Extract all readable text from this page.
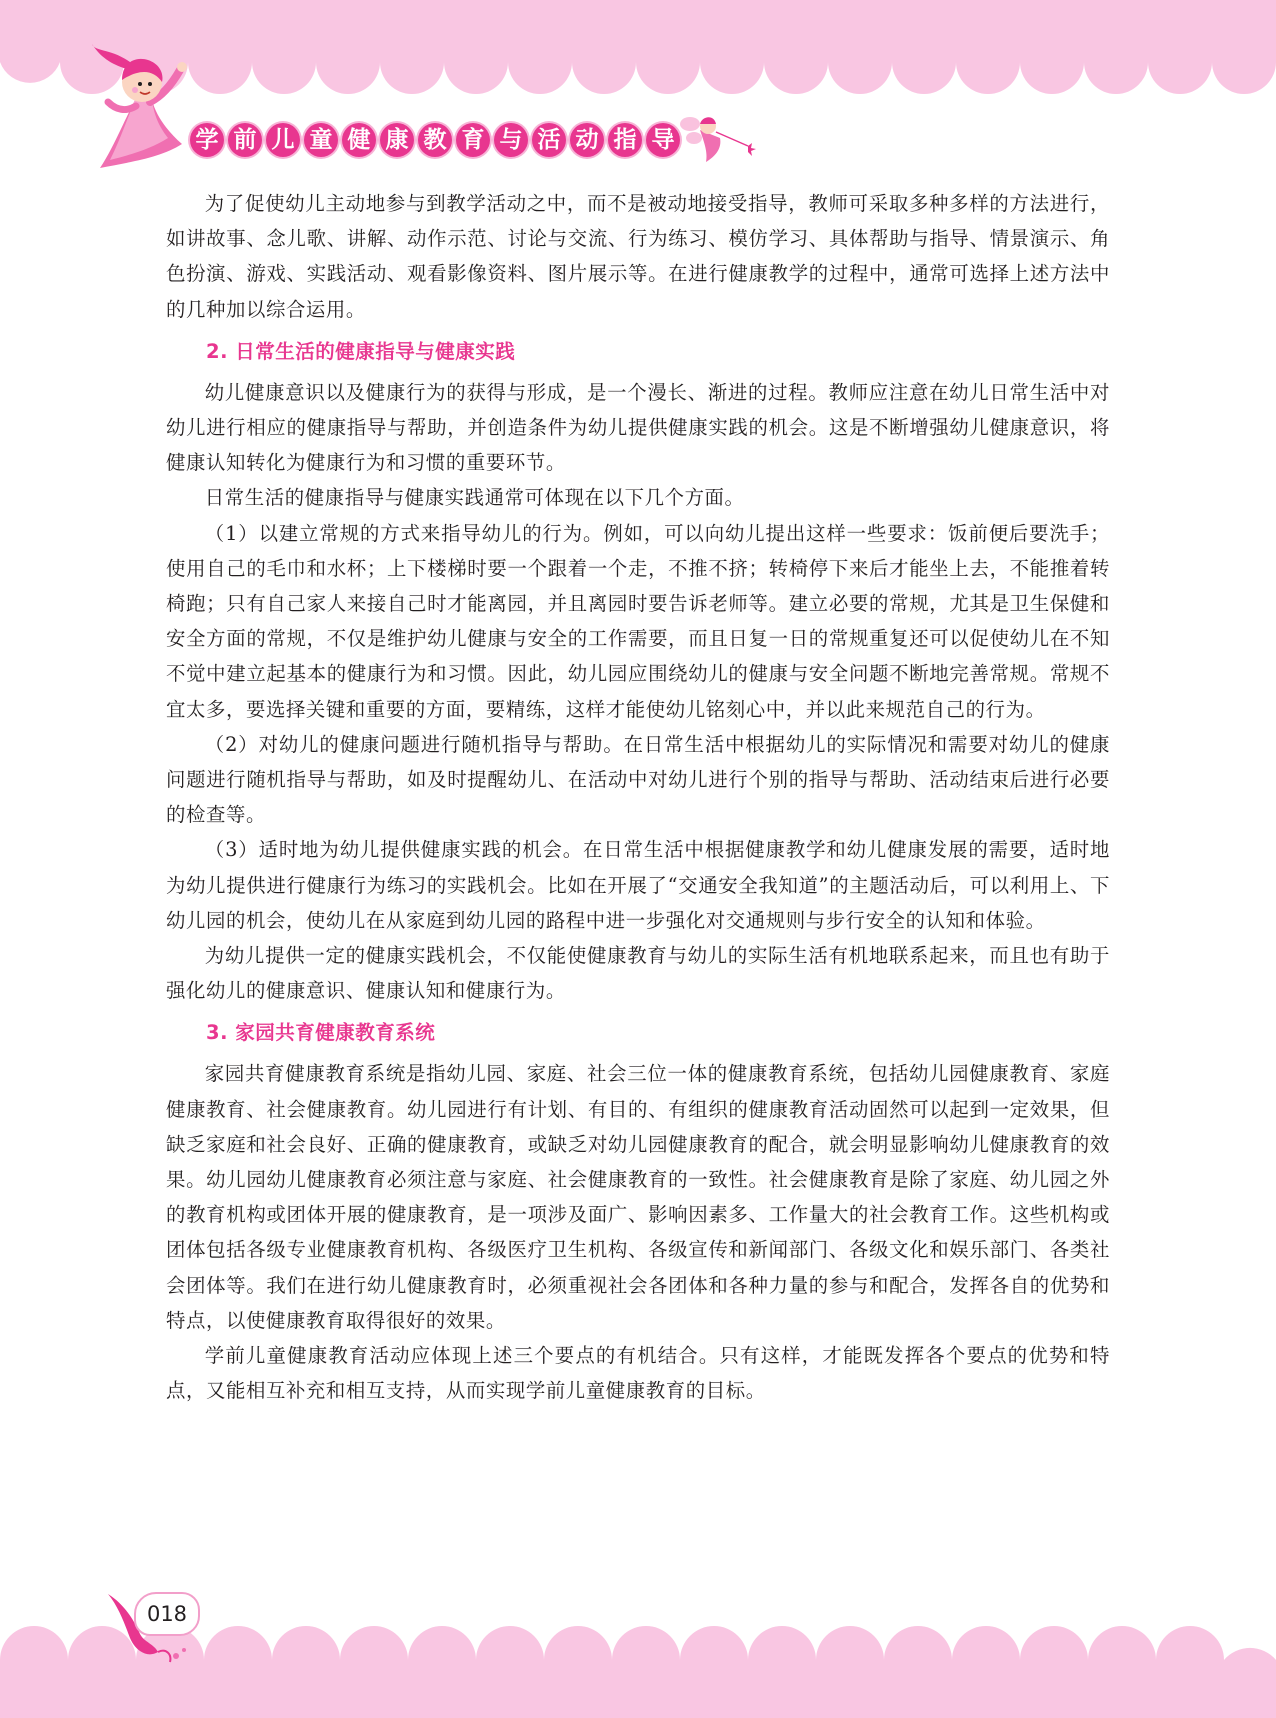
学 前 儿 童 健 康 教 育 与 活 动 指 导

为了促使幼儿主动地参与到教学活动之中，而不是被动地接受指导，教师可采取多种多样的方法进行，如讲故事、念儿歌、讲解、动作示范、讨论与交流、行为练习、模仿学习、具体帮助与指导、情景演示、角色扮演、游戏、实践活动、观看影像资料、图片展示等。在进行健康教学的过程中，通常可选择上述方法中的几种加以综合运用。

2. 日常生活的健康指导与健康实践

幼儿健康意识以及健康行为的获得与形成，是一个漫长、渐进的过程。教师应注意在幼儿日常生活中对幼儿进行相应的健康指导与帮助，并创造条件为幼儿提供健康实践的机会。这是不断增强幼儿健康意识，将健康认知转化为健康行为和习惯的重要环节。

日常生活的健康指导与健康实践通常可体现在以下几个方面。

（1）以建立常规的方式来指导幼儿的行为。例如，可以向幼儿提出这样一些要求：饭前便后要洗手；使用自己的毛巾和水杯；上下楼梯时要一个跟着一个走，不推不挤；转椅停下来后才能坐上去，不能推着转椅跑；只有自己家人来接自己时才能离园，并且离园时要告诉老师等。建立必要的常规，尤其是卫生保健和安全方面的常规，不仅是维护幼儿健康与安全的工作需要，而且日复一日的常规重复还可以促使幼儿在不知不觉中建立起基本的健康行为和习惯。因此，幼儿园应围绕幼儿的健康与安全问题不断地完善常规。常规不宜太多，要选择关键和重要的方面，要精练，这样才能使幼儿铭刻心中，并以此来规范自己的行为。

（2）对幼儿的健康问题进行随机指导与帮助。在日常生活中根据幼儿的实际情况和需要对幼儿的健康问题进行随机指导与帮助，如及时提醒幼儿、在活动中对幼儿进行个别的指导与帮助、活动结束后进行必要的检查等。

（3）适时地为幼儿提供健康实践的机会。在日常生活中根据健康教学和幼儿健康发展的需要，适时地为幼儿提供进行健康行为练习的实践机会。比如在开展了“交通安全我知道”的主题活动后，可以利用上、下幼儿园的机会，使幼儿在从家庭到幼儿园的路程中进一步强化对交通规则与步行安全的认知和体验。

为幼儿提供一定的健康实践机会，不仅能使健康教育与幼儿的实际生活有机地联系起来，而且也有助于强化幼儿的健康意识、健康认知和健康行为。

3. 家园共育健康教育系统

家园共育健康教育系统是指幼儿园、家庭、社会三位一体的健康教育系统，包括幼儿园健康教育、家庭健康教育、社会健康教育。幼儿园进行有计划、有目的、有组织的健康教育活动固然可以起到一定效果，但缺乏家庭和社会良好、正确的健康教育，或缺乏对幼儿园健康教育的配合，就会明显影响幼儿健康教育的效果。幼儿园幼儿健康教育必须注意与家庭、社会健康教育的一致性。社会健康教育是除了家庭、幼儿园之外的教育机构或团体开展的健康教育，是一项涉及面广、影响因素多、工作量大的社会教育工作。这些机构或团体包括各级专业健康教育机构、各级医疗卫生机构、各级宣传和新闻部门、各级文化和娱乐部门、各类社会团体等。我们在进行幼儿健康教育时，必须重视社会各团体和各种力量的参与和配合，发挥各自的优势和特点，以使健康教育取得很好的效果。

学前儿童健康教育活动应体现上述三个要点的有机结合。只有这样，才能既发挥各个要点的优势和特点，又能相互补充和相互支持，从而实现学前儿童健康教育的目标。

018
